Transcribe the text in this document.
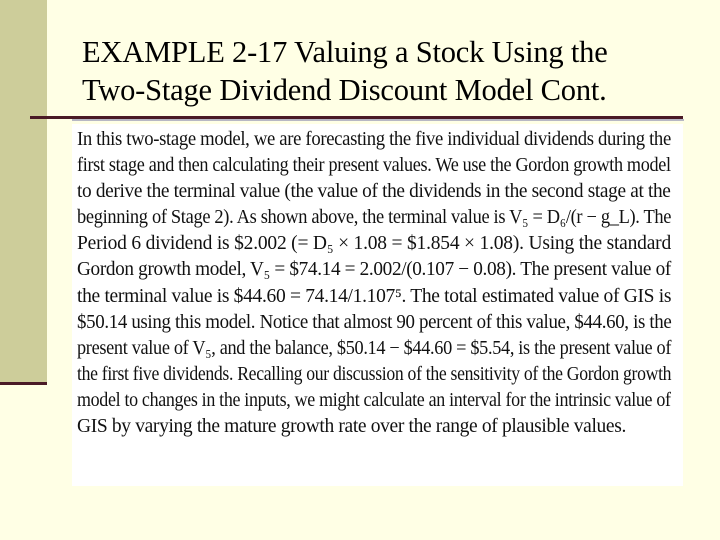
EXAMPLE 2-17 Valuing a Stock Using the
Two-Stage Dividend Discount Model Cont.
In this two-stage model, we are forecasting the five individual dividends during the
first stage and then calculating their present values. We use the Gordon growth model
to derive the terminal value (the value of the dividends in the second stage at the
beginning of Stage 2). As shown above, the terminal value is V₅ = D₆/(r − g_L). The
Period 6 dividend is $2.002 (= D₅ × 1.08 = $1.854 × 1.08). Using the standard
Gordon growth model, V₅ = $74.14 = 2.002/(0.107 − 0.08). The present value of
the terminal value is $44.60 = 74.14/1.107⁵. The total estimated value of GIS is
$50.14 using this model. Notice that almost 90 percent of this value, $44.60, is the
present value of V₅, and the balance, $50.14 − $44.60 = $5.54, is the present value of
the first five dividends. Recalling our discussion of the sensitivity of the Gordon growth
model to changes in the inputs, we might calculate an interval for the intrinsic value of
GIS by varying the mature growth rate over the range of plausible values.
